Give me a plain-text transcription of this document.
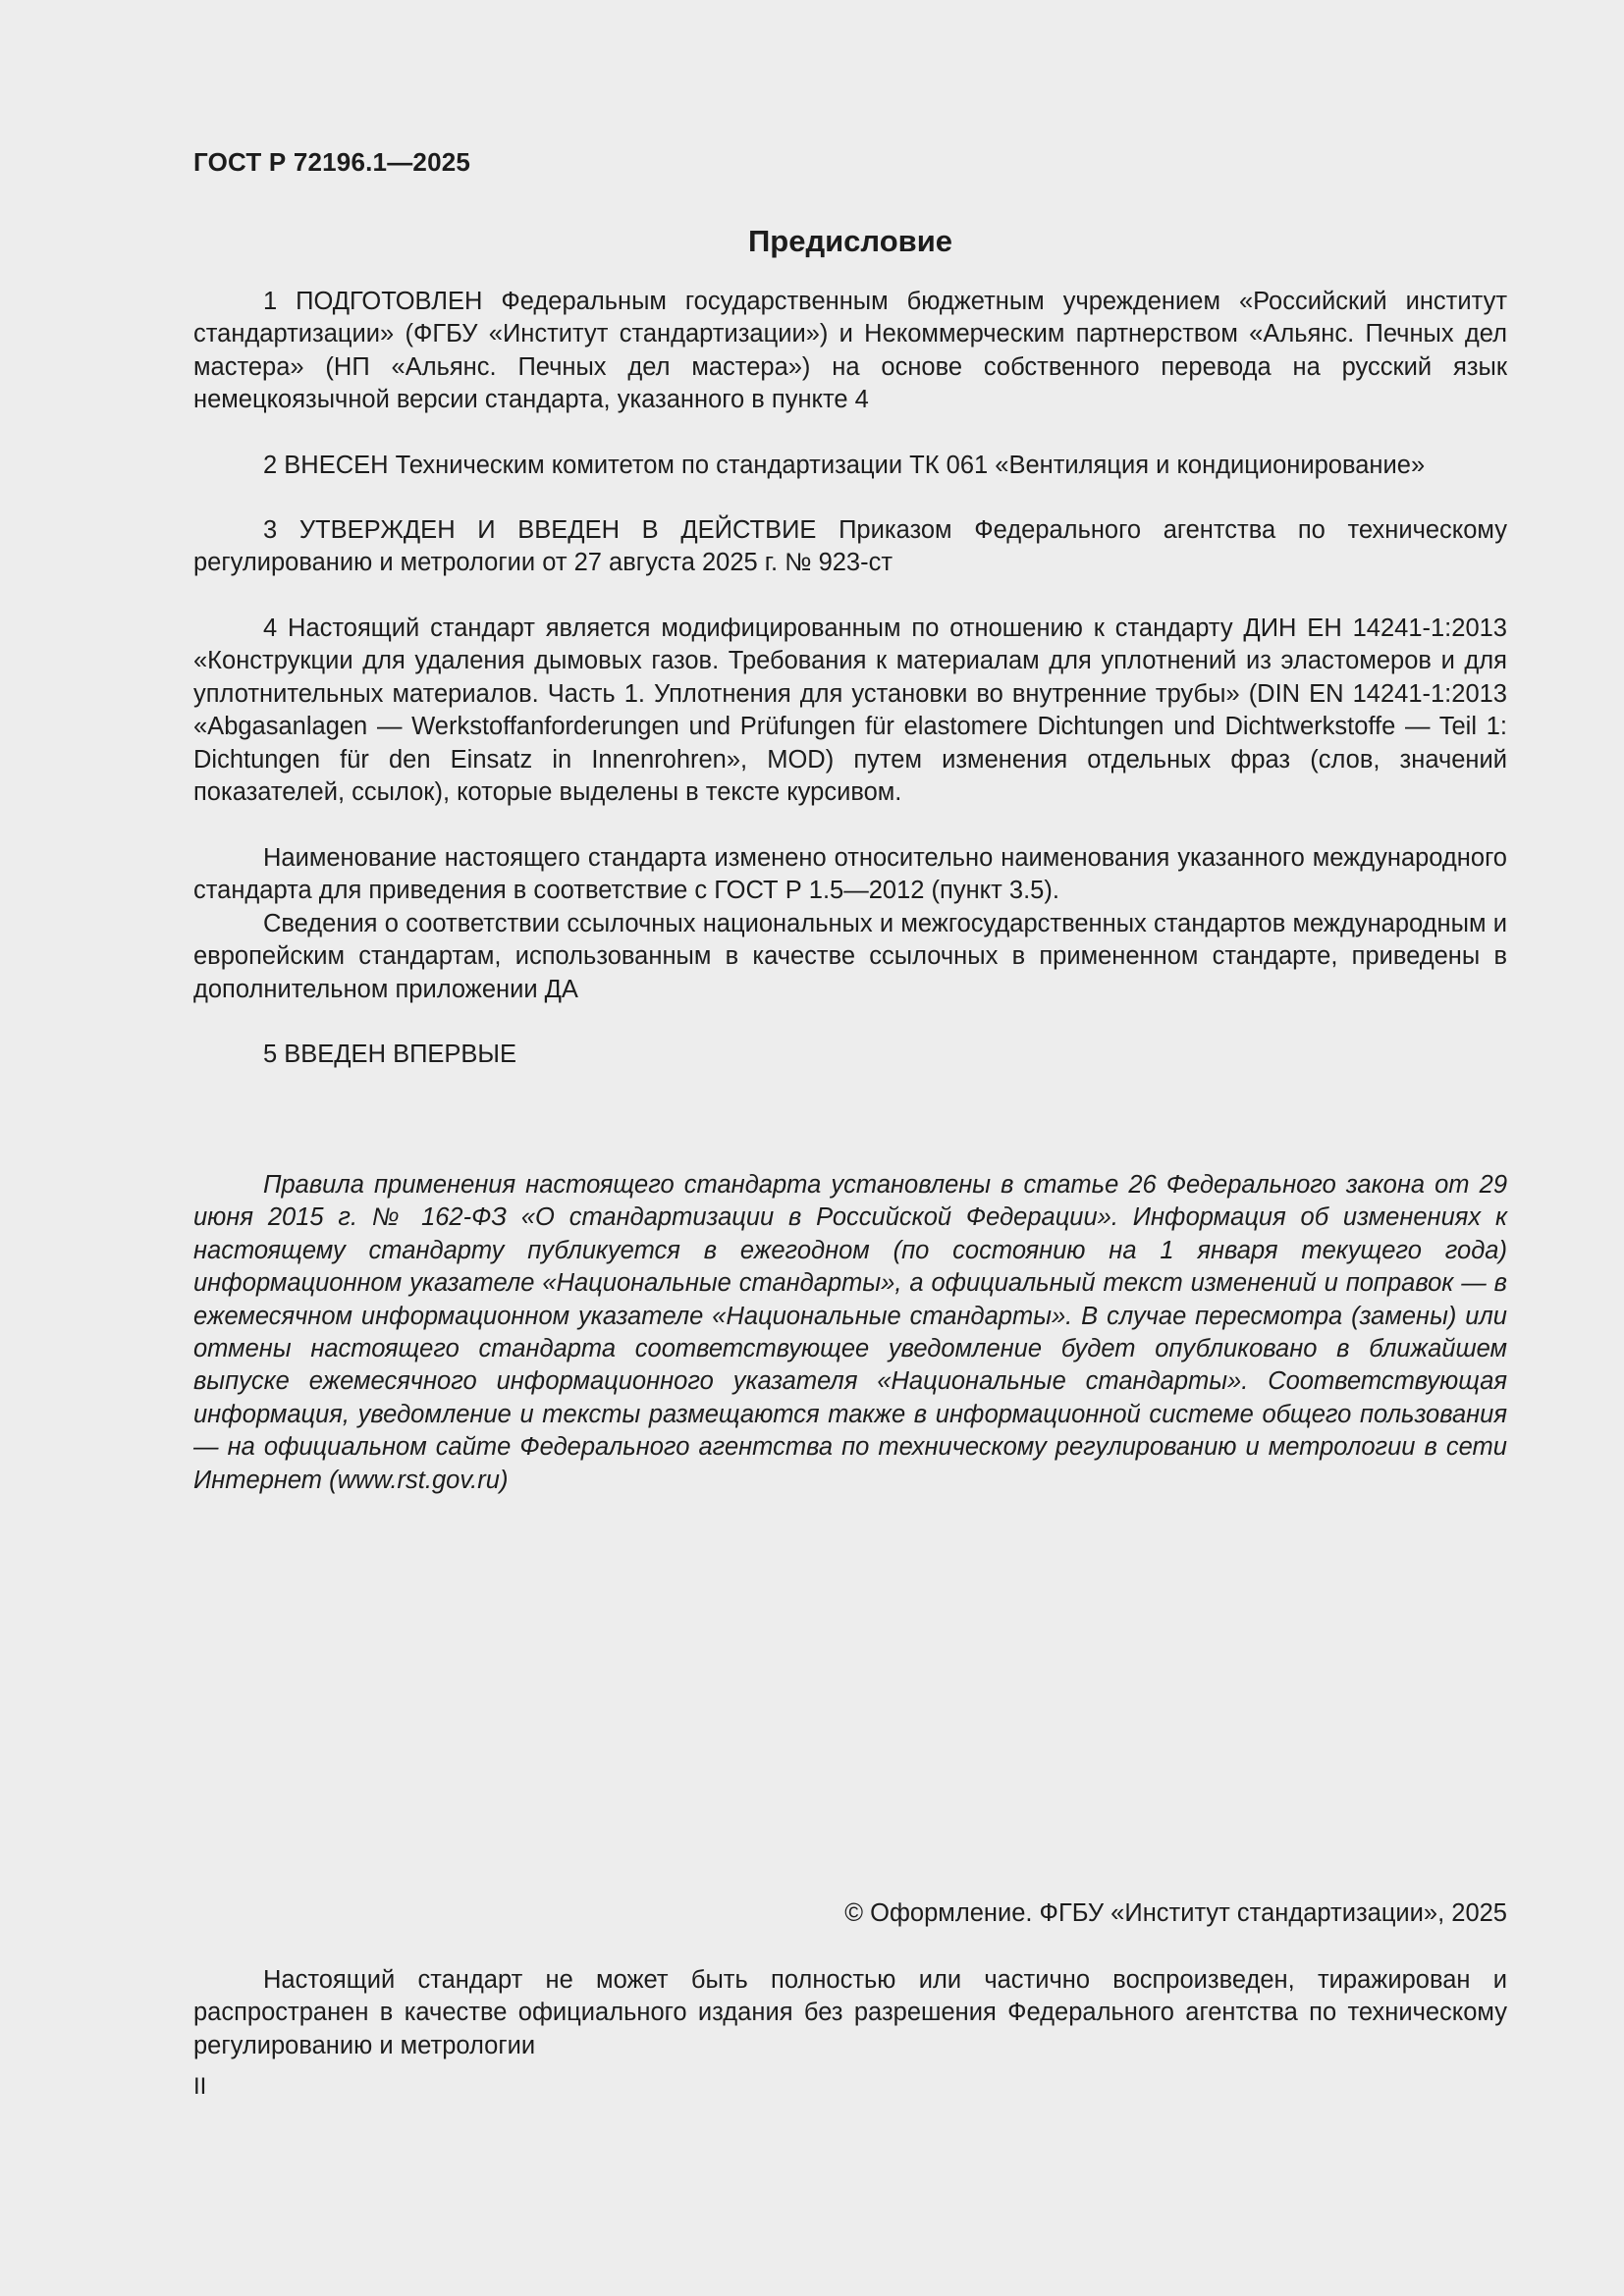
ГОСТ Р 72196.1—2025
Предисловие

1 ПОДГОТОВЛЕН Федеральным государственным бюджетным учреждением «Российский институт стандартизации» (ФГБУ «Институт стандартизации») и Некоммерческим партнерством «Альянс. Печных дел мастера» (НП «Альянс. Печных дел мастера») на основе собственного перевода на русский язык немецкоязычной версии стандарта, указанного в пункте 4

2 ВНЕСЕН Техническим комитетом по стандартизации ТК 061 «Вентиляция и кондиционирование»

3 УТВЕРЖДЕН И ВВЕДЕН В ДЕЙСТВИЕ Приказом Федерального агентства по техническому регулированию и метрологии от 27 августа 2025 г. № 923-ст

4 Настоящий стандарт является модифицированным по отношению к стандарту ДИН ЕН 14241-1:2013 «Конструкции для удаления дымовых газов. Требования к материалам для уплотнений из эластомеров и для уплотнительных материалов. Часть 1. Уплотнения для установки во внутренние трубы» (DIN EN 14241-1:2013 «Abgasanlagen — Werkstoffanforderungen und Prüfungen für elastomere Dichtungen und Dichtwerkstoffe — Teil 1: Dichtungen für den Einsatz in Innenrohren», MOD) путем изменения отдельных фраз (слов, значений показателей, ссылок), которые выделены в тексте курсивом.

Наименование настоящего стандарта изменено относительно наименования указанного международного стандарта для приведения в соответствие с ГОСТ Р 1.5—2012 (пункт 3.5).

Сведения о соответствии ссылочных национальных и межгосударственных стандартов международным и европейским стандартам, использованным в качестве ссылочных в примененном стандарте, приведены в дополнительном приложении ДА

5 ВВЕДЕН ВПЕРВЫЕ

Правила применения настоящего стандарта установлены в статье 26 Федерального закона от 29 июня 2015 г. № 162-ФЗ «О стандартизации в Российской Федерации». Информация об изменениях к настоящему стандарту публикуется в ежегодном (по состоянию на 1 января текущего года) информационном указателе «Национальные стандарты», а официальный текст изменений и поправок — в ежемесячном информационном указателе «Национальные стандарты». В случае пересмотра (замены) или отмены настоящего стандарта соответствующее уведомление будет опубликовано в ближайшем выпуске ежемесячного информационного указателя «Национальные стандарты». Соответствующая информация, уведомление и тексты размещаются также в информационной системе общего пользования — на официальном сайте Федерального агентства по техническому регулированию и метрологии в сети Интернет (www.rst.gov.ru)

© Оформление. ФГБУ «Институт стандартизации», 2025

Настоящий стандарт не может быть полностью или частично воспроизведен, тиражирован и распространен в качестве официального издания без разрешения Федерального агентства по техническому регулированию и метрологии

II
